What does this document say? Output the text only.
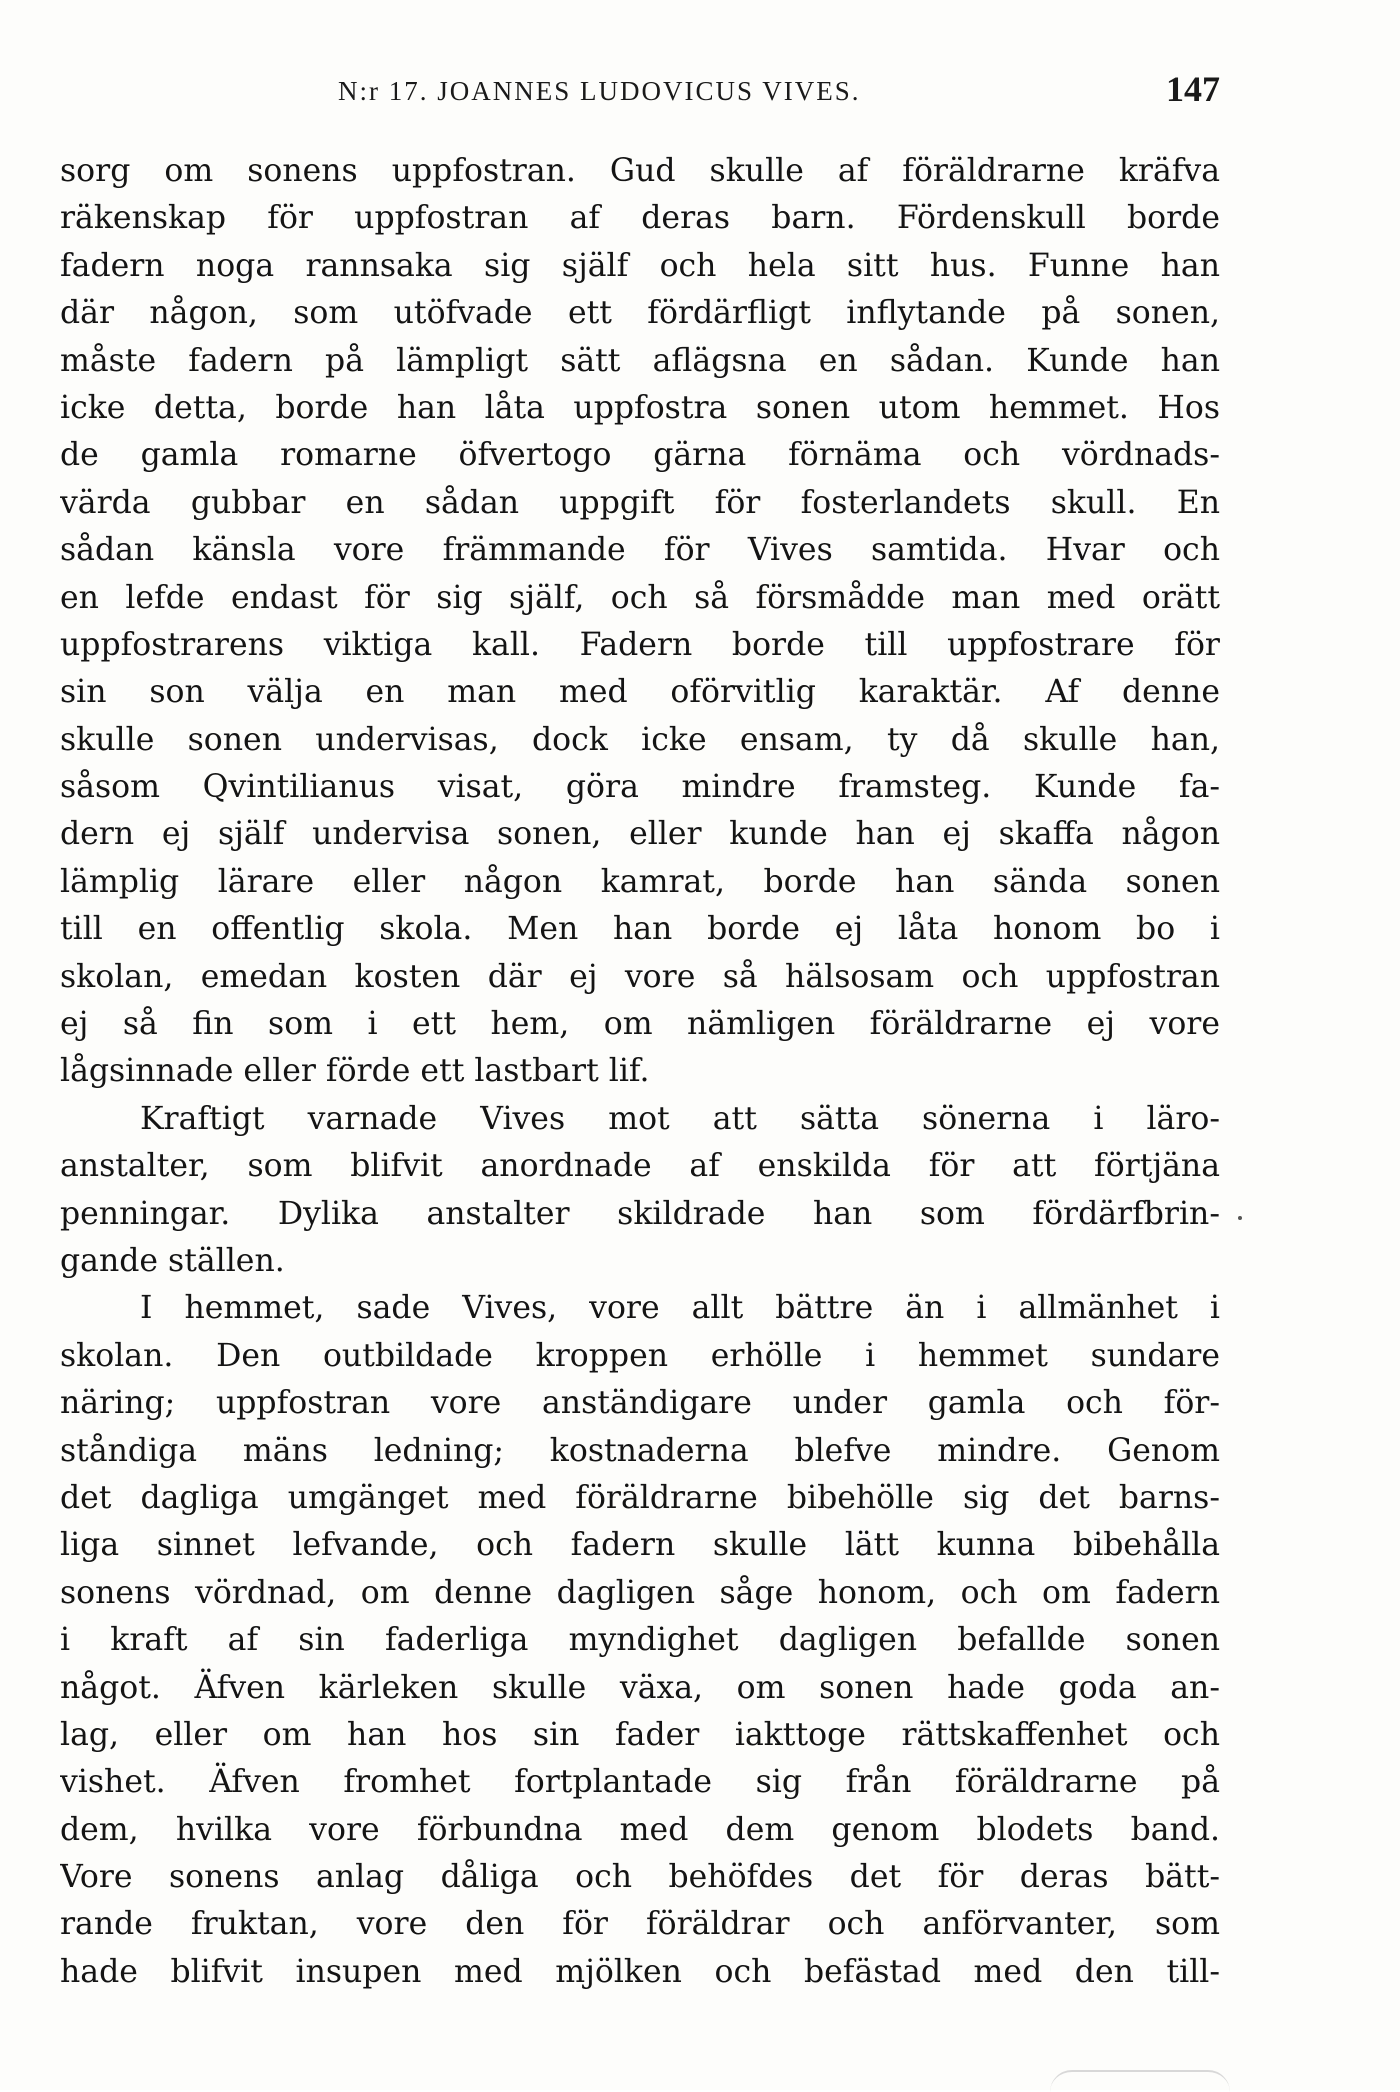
N:r 17. JOANNES LUDOVICUS VIVES.	147
sorg om sonens uppfostran. Gud skulle af föräldrarne kräfva
räkenskap för uppfostran af deras barn. Fördenskull borde
fadern noga rannsaka sig själf och hela sitt hus. Funne han
där någon, som utöfvade ett fördärfligt inflytande på sonen,
måste fadern på lämpligt sätt aflägsna en sådan. Kunde han
icke detta, borde han låta uppfostra sonen utom hemmet. Hos
de gamla romarne öfvertogo gärna förnäma och vördnads-
värda gubbar en sådan uppgift för fosterlandets skull. En
sådan känsla vore främmande för Vives samtida. Hvar och
en lefde endast för sig själf, och så försmådde man med orätt
uppfostrarens viktiga kall. Fadern borde till uppfostrare för
sin son välja en man med oförvitlig karaktär. Af denne
skulle sonen undervisas, dock icke ensam, ty då skulle han,
såsom Qvintilianus visat, göra mindre framsteg. Kunde fa-
dern ej själf undervisa sonen, eller kunde han ej skaffa någon
lämplig lärare eller någon kamrat, borde han sända sonen
till en offentlig skola. Men han borde ej låta honom bo i
skolan, emedan kosten där ej vore så hälsosam och uppfostran
ej så fin som i ett hem, om nämligen föräldrarne ej vore
lågsinnade eller förde ett lastbart lif.
Kraftigt varnade Vives mot att sätta sönerna i läro-
anstalter, som blifvit anordnade af enskilda för att förtjäna
penningar. Dylika anstalter skildrade han som fördärfbrin-
gande ställen.
I hemmet, sade Vives, vore allt bättre än i allmänhet i
skolan. Den outbildade kroppen erhölle i hemmet sundare
näring; uppfostran vore anständigare under gamla och för-
ståndiga mäns ledning; kostnaderna blefve mindre. Genom
det dagliga umgänget med föräldrarne bibehölle sig det barns-
liga sinnet lefvande, och fadern skulle lätt kunna bibehålla
sonens vördnad, om denne dagligen såge honom, och om fadern
i kraft af sin faderliga myndighet dagligen befallde sonen
något. Äfven kärleken skulle växa, om sonen hade goda an-
lag, eller om han hos sin fader iakttoge rättskaffenhet och
vishet. Äfven fromhet fortplantade sig från föräldrarne på
dem, hvilka vore förbundna med dem genom blodets band.
Vore sonens anlag dåliga och behöfdes det för deras bätt-
rande fruktan, vore den för föräldrar och anförvanter, som
hade blifvit insupen med mjölken och befästad med den till-
